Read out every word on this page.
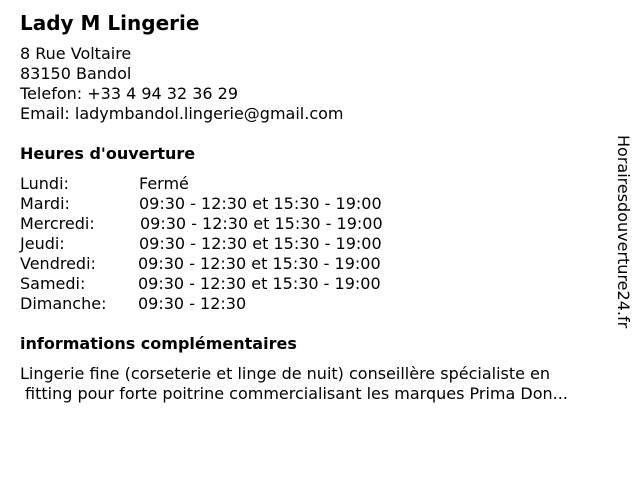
Lady M Lingerie
8 Rue Voltaire
83150 Bandol
Telefon: +33 4 94 32 36 29
Email: ladymbandol.lingerie@gmail.com
Heures d'ouverture
Lundi:	Fermé
Mardi:	09:30 - 12:30 et 15:30 - 19:00
Mercredi:	09:30 - 12:30 et 15:30 - 19:00
Jeudi:	09:30 - 12:30 et 15:30 - 19:00
Vendredi:	09:30 - 12:30 et 15:30 - 19:00
Samedi:	09:30 - 12:30 et 15:30 - 19:00
Dimanche: 09:30 - 12:30
informations complémentaires
Lingerie fine (corseterie et linge de nuit) conseillère spécialiste en
fitting pour forte poitrine commercialisant les marques Prima Don...
Horairesdouverture24.fr
